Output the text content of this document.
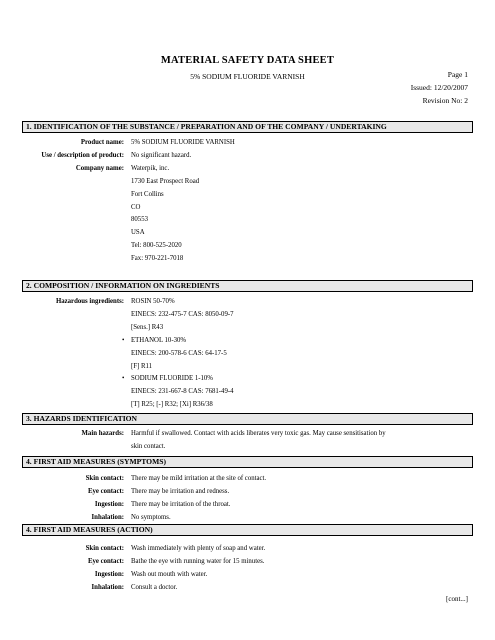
MATERIAL SAFETY DATA SHEET
5% SODIUM FLUORIDE VARNISH	Page 1
Issued: 12/20/2007
Revision No: 2
1. IDENTIFICATION OF THE SUBSTANCE / PREPARATION AND OF THE COMPANY / UNDERTAKING
Product name: 5% SODIUM FLUORIDE VARNISH
Use / description of product: No significant hazard.
Company name: Waterpik, inc.
1730 East Prospect Road
Fort Collins
CO
80553
USA
Tel: 800-525-2020
Fax: 970-221-7018
2. COMPOSITION / INFORMATION ON INGREDIENTS
Hazardous ingredients: ROSIN 50-70%
EINECS: 232-475-7 CAS: 8050-09-7
[Sens.] R43
• ETHANOL 10-30%
EINECS: 200-578-6 CAS: 64-17-5
[F] R11
• SODIUM FLUORIDE 1-10%
EINECS: 231-667-8 CAS: 7681-49-4
[T] R25; [-] R32; [Xi] R36/38
3. HAZARDS IDENTIFICATION
Main hazards: Harmful if swallowed. Contact with acids liberates very toxic gas. May cause sensitisation by
skin contact.
4. FIRST AID MEASURES (SYMPTOMS)
Skin contact: There may be mild irritation at the site of contact.
Eye contact: There may be irritation and redness.
Ingestion: There may be irritation of the throat.
Inhalation: No symptoms.
4. FIRST AID MEASURES (ACTION)
Skin contact: Wash immediately with plenty of soap and water.
Eye contact: Bathe the eye with running water for 15 minutes.
Ingestion: Wash out mouth with water.
Inhalation: Consult a doctor.
[cont...]
